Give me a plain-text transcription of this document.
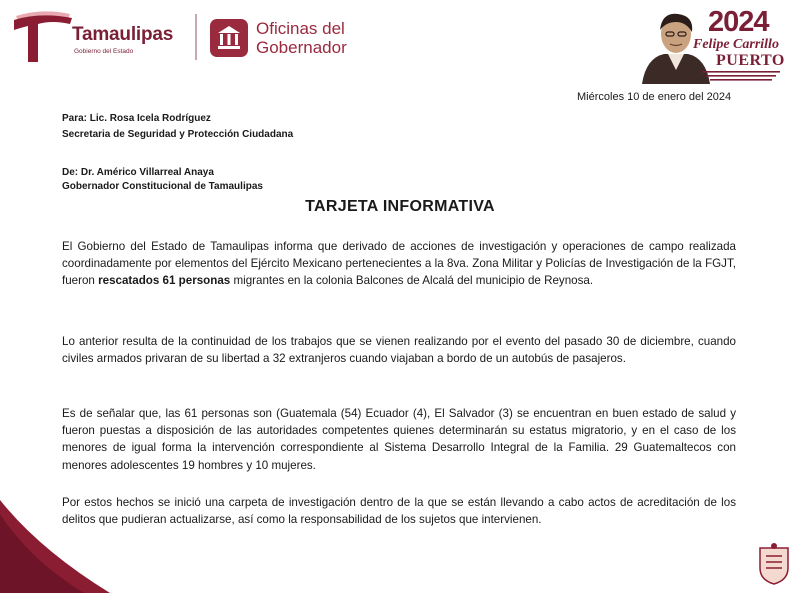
Tamaulipas
Gobierno del Estado
Oficinas del
Gobernador
2024
Felipe Carrillo
PUERTO
Miércoles 10 de enero del 2024
Para: Lic. Rosa Icela Rodríguez
Secretaria de Seguridad y Protección Ciudadana
De: Dr. Américo Villarreal Anaya
Gobernador Constitucional de Tamaulipas
TARJETA INFORMATIVA
El Gobierno del Estado de Tamaulipas informa que derivado de acciones de investigación y operaciones de campo realizada coordinadamente por elementos del Ejército Mexicano pertenecientes a la 8va. Zona Militar y Policías de Investigación de la FGJT, fueron rescatados 61 personas migrantes en la colonia Balcones de Alcalá del municipio de Reynosa.
Lo anterior resulta de la continuidad de los trabajos que se vienen realizando por el evento del pasado 30 de diciembre, cuando civiles armados privaran de su libertad a 32 extranjeros cuando viajaban a bordo de un autobús de pasajeros.
Es de señalar que, las 61 personas son (Guatemala (54) Ecuador (4), El Salvador (3) se encuentran en buen estado de salud y fueron puestas a disposición de las autoridades competentes quienes determinarán su estatus migratorio, y en el caso de los menores de igual forma la intervención correspondiente al Sistema Desarrollo Integral de la Familia. 29 Guatemaltecos con menores adolescentes 19 hombres y 10 mujeres.
Por estos hechos se inició una carpeta de investigación dentro de la que se están llevando a cabo actos de acreditación de los delitos que pudieran actualizarse, así como la responsabilidad de los sujetos que intervienen.
